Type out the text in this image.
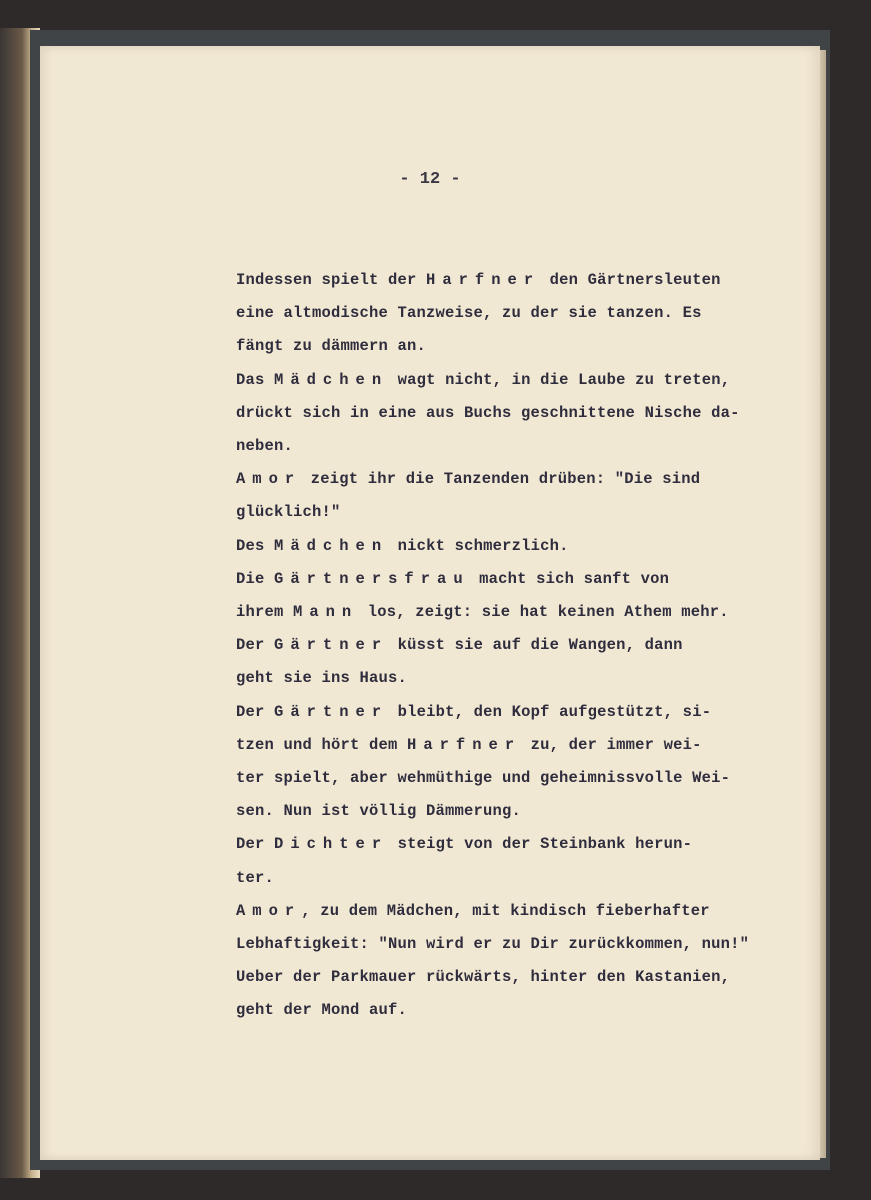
- 12 -
Indessen spielt der Harfner den Gärtnersleuten
eine altmodische Tanzweise, zu der sie tanzen. Es
fängt zu dämmern an.
Das Mädchen wagt nicht, in die Laube zu treten,
drückt sich in eine aus Buchs geschnittene Nische da-
neben.
Amor zeigt ihr die Tanzenden drüben: "Die sind
glücklich!"
Des Mädchen nickt schmerzlich.
Die Gärtnersfrau macht sich sanft von
ihrem Mann los, zeigt: sie hat keinen Athem mehr.
Der Gärtner küsst sie auf die Wangen, dann
geht sie ins Haus.
Der Gärtner bleibt, den Kopf aufgestützt, si-
tzen und hört dem Harfner zu, der immer wei-
ter spielt, aber wehmüthige und geheimnissvolle Wei-
sen. Nun ist völlig Dämmerung.
Der Dichter steigt von der Steinbank herun-
ter.
Amor, zu dem Mädchen, mit kindisch fieberhafter
Lebhaftigkeit: "Nun wird er zu Dir zurückkommen, nun!"
Ueber der Parkmauer rückwärts, hinter den Kastanien,
geht der Mond auf.
